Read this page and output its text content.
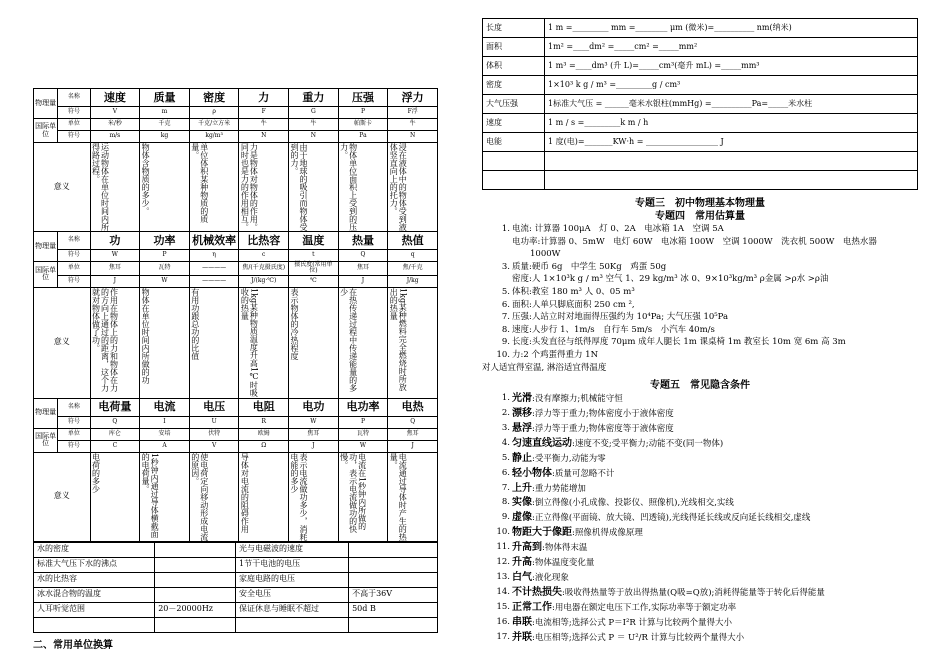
物理量	名称	速度	质量	密度	力	重力	压强	浮力
	符号	V	m	ρ	F	G	P	F浮
国际单位	单位	米/秒	千克	千克/立方米	牛	牛	帕斯卡	牛
	符号	m/s	kg	kg/m³	N	N	Pa	N
意义		运动物体在单位时间内所得路过程。	物体含物质的多少。	单位体积某种物质的质量。	力是物体对物体的作用。同时也是力的作用相互。	由于地球的吸引而物体受到的力。	物体单位面积上受到的压力。	浸在液体中的物体受到液体竖直向上的托力。

物理量	名称	功	功率	机械效率	比热容	温度	热量	热值
	符号	W	P	η	c	t	Q	q
国际单位	单位	焦耳	瓦特	————	焦/(千克摄氏度)	摄氏度(常用单位)	焦耳	焦/千克
	符号	J	W	————	J/(kg·℃)	℃	J	J/kg
意义		作用在物体上的力和物体在力的方向上通过的距离，这个力就对物体做了功。	物体在单位时间内所做的功	有用功跟总功的比值	1kg某种物质温度升高1℃时吸收的热量	表示物体的冷热程度	在热传递过程中传递能量的多少	1kg某种燃料完全燃烧时所放出的热量

物理量	名称	电荷量	电流	电压	电阻	电功	电功率	电热
	符号	Q	I	U	R	W	P	Q
国际单位	单位	库仑	安培	伏特	欧姆	焦耳	瓦特	焦耳
	符号	C	A	V	Ω	J	W	J
意义		电荷的多少	1秒钟内通过导体横截面的电荷量。	使电荷定向移动形成电流的原因。	导体对电流的阻碍作用	表示电流做功多少，消耗电能的多少	电流在1秒钟内所做的功，表示电流做功的快慢。	电流通过导体时产生的热量。
水的密度		光与电磁波的速度	
标准大气压下水的沸点		1节干电池的电压	
水的比热容		家庭电路的电压	
冰水混合物的温度		安全电压	不高于36V
人耳听觉范围	20－20000Hz	保证休息与睡眠不超过	50d B

二、常用单位换算
长度	1 m =_________ mm =________ μm (微米)=__________ nm(纳米)
面积	1m² =____dm² =_____cm² =_____mm²
体积	1 m³ =____dm³ (升 L)=_____cm³(毫升 mL) =_____mm³
密度	1×10³ k g / m³ =_________g / cm³
大气压强	1标准大气压 = ______毫米水银柱(mmHg) =__________Pa=_____米水柱
速度	1 m / s =_________k m / h
电能	1 度(电)=_______KW·h = __________________ J

专题三　初中物理基本物理量

专题四　常用估算量

1. 电流: 计算器 100μA　灯 0、2A　电冰箱 1A　空调 5A
电功率:计算器 0、5mW　电灯 60W　电冰箱 100W　空调 1000W　洗衣机 500W　电热水器
1000W
3. 质量:硬币 6g　中学生 50Kg　鸡蛋 50g
密度:人 1×10³k g / m³ 空气 1、29 kg/m³ 冰 0、9×10³kg/m³ ρ金属 >ρ水 >ρ油
5. 体积:教室 180 m³ 人 0、05 m³
6. 面积:人单只脚底面积 250 cm ²,
7. 压强:人站立时对地面得压强约为 10⁴Pa; 大气压强 10⁵Pa
8. 速度:人步行 1、1m/s　自行车 5m/s　小汽车 40m/s
9. 长度:头发直径与纸得厚度 70μm 成年人腿长 1m 课桌椅 1m 教室长 10m 宽 6m 高 3m
10. 力:2 个鸡蛋得重力 1N
对人适宜得室温, 淋浴适宜得温度

专题五　常见隐含条件

1. 光滑:没有摩擦力;机械能守恒
2. 漂移:浮力等于重力;物体密度小于液体密度
3. 悬浮:浮力等于重力;物体密度等于液体密度
4. 匀速直线运动:速度不变;受平衡力;动能不变(同一物体)
5. 静止:受平衡力,动能为零
6. 轻小物体:质量可忽略不计
7. 上升:重力势能增加
8. 实像:倒立得像(小孔成像、投影仪、照像机),光线相交,实线
9. 虚像:正立得像(平面镜、放大镜、凹透镜),光线得延长线或反向延长线相交,虚线
10. 物距大于像距:照像机得成像原理
11. 升高到:物体得末温
12. 升高:物体温度变化量
13. 白气:液化现象
14. 不计热损失:吸收得热量等于放出得热量(Q吸=Q放);消耗得能量等于转化后得能量
15. 正常工作:用电器在额定电压下工作,实际功率等于额定功率
16. 串联:电流相等;选择公式 P＝I²R 计算与比较两个量得大小
17. 并联:电压相等;选择公式 P ＝ U²/R 计算与比较两个量得大小
